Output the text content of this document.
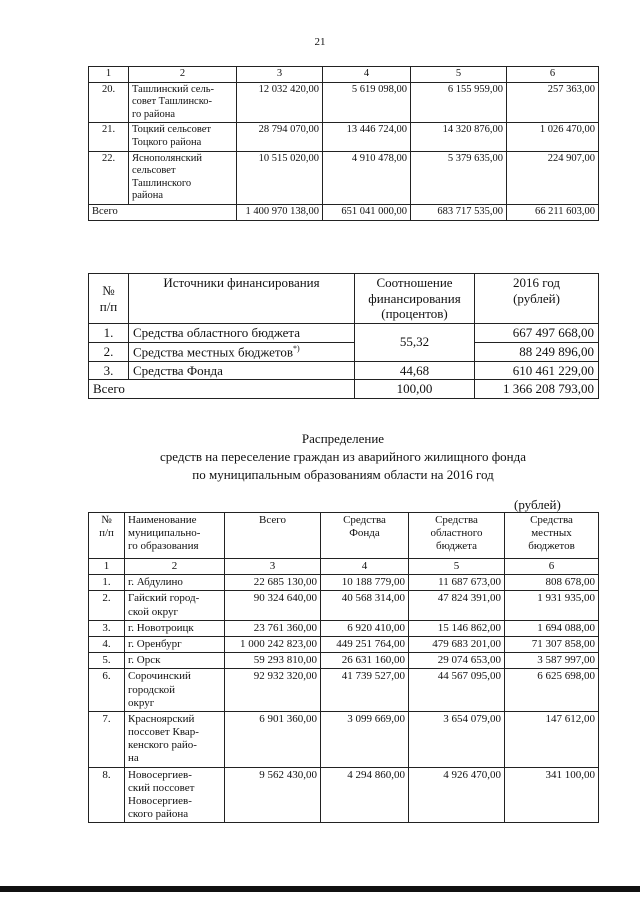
21
1	2	3	4	5	6
20.	Ташлинский сель-
совет Ташлинско-
го района	12 032 420,00	5 619 098,00	6 155 959,00	257 363,00
21.	Тоцкий сельсовет
Тоцкого района	28 794 070,00	13 446 724,00	14 320 876,00	1 026 470,00
22.	Яснополянский
сельсовет
Ташлинского
района	10 515 020,00	4 910 478,00	5 379 635,00	224 907,00
Всего		1 400 970 138,00	651 041 000,00	683 717 535,00	66 211 603,00
№
п/п	Источники финансирования	Соотношение
финансирования
(процентов)	2016 год
(рублей)
1.	Средства областного бюджета	55,32	667 497 668,00
2.	Средства местных бюджетов*)		88 249 896,00
3.	Средства Фонда	44,68	610 461 229,00
Всего		100,00	1 366 208 793,00
Распределение
средств на переселение граждан из аварийного жилищного фонда
по муниципальным образованиям области на 2016 год
(рублей)
№
п/п	Наименование
муниципально-
го образования	Всего	Средства
Фонда	Средства
областного
бюджета	Средства
местных
бюджетов
1	2	3	4	5	6
1.	г. Абдулино	22 685 130,00	10 188 779,00	11 687 673,00	808 678,00
2.	Гайский город-
ской округ	90 324 640,00	40 568 314,00	47 824 391,00	1 931 935,00
3.	г. Новотроицк	23 761 360,00	6 920 410,00	15 146 862,00	1 694 088,00
4.	г. Оренбург	1 000 242 823,00	449 251 764,00	479 683 201,00	71 307 858,00
5.	г. Орск	59 293 810,00	26 631 160,00	29 074 653,00	3 587 997,00
6.	Сорочинский
городской
округ	92 932 320,00	41 739 527,00	44 567 095,00	6 625 698,00
7.	Красноярский
поссовет Квар-
кенского райо-
на	6 901 360,00	3 099 669,00	3 654 079,00	147 612,00
8.	Новосергиев-
ский поссовет
Новосергиев-
ского района	9 562 430,00	4 294 860,00	4 926 470,00	341 100,00
